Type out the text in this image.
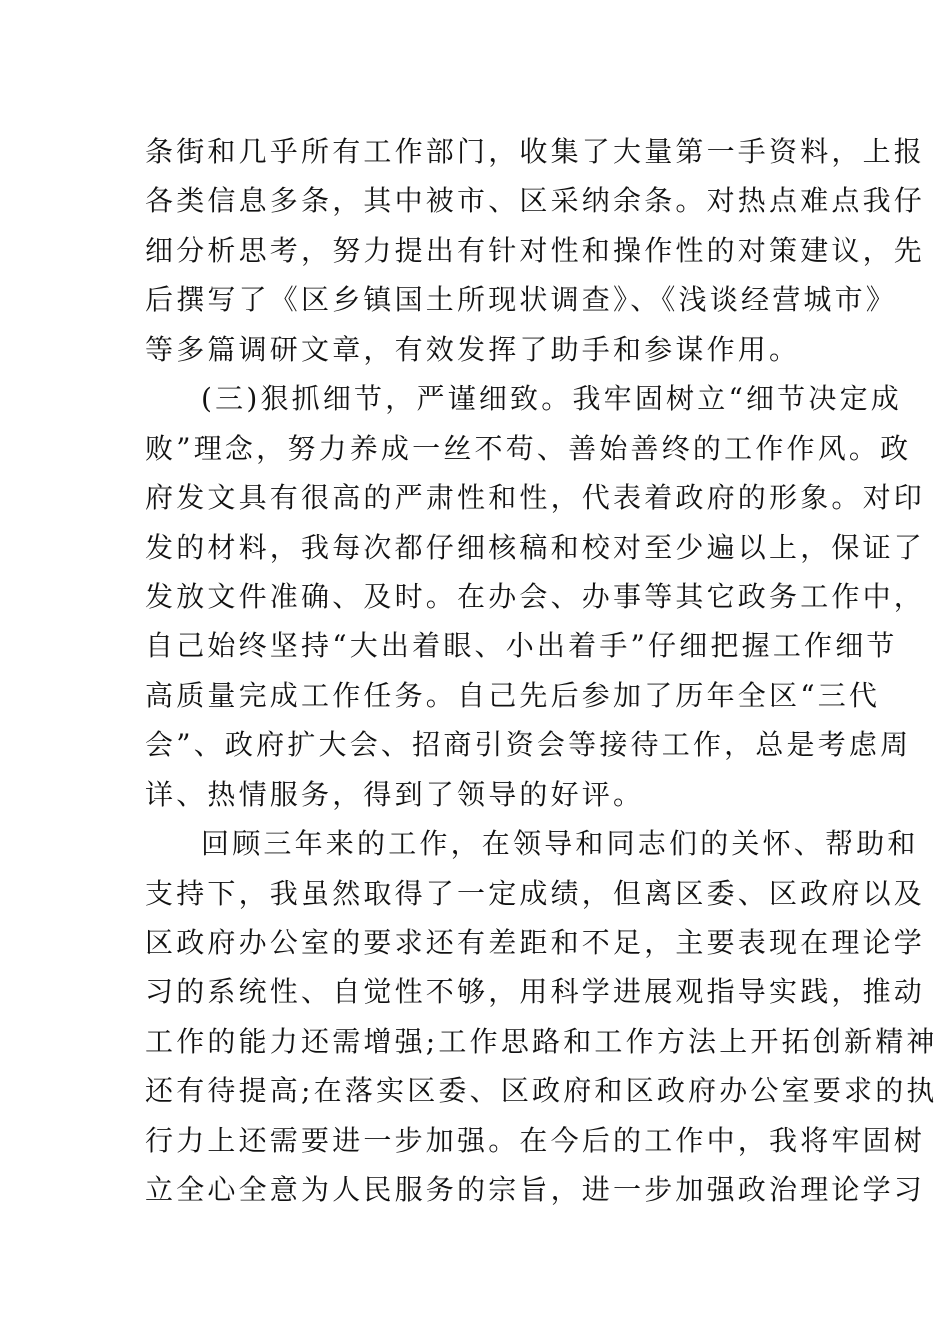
条街和几乎所有工作部门，收集了大量第一手资料，上报
各类信息多条，其中被市、区采纳余条。对热点难点我仔
细分析思考，努力提出有针对性和操作性的对策建议，先
后撰写了《区乡镇国土所现状调查》、《浅谈经营城市》
等多篇调研文章，有效发挥了助手和参谋作用。
(三)狠抓细节，严谨细致。我牢固树立“细节决定成
败”理念，努力养成一丝不苟、善始善终的工作作风。政
府发文具有很高的严肃性和性，代表着政府的形象。对印
发的材料，我每次都仔细核稿和校对至少遍以上，保证了
发放文件准确、及时。在办会、办事等其它政务工作中，
自己始终坚持“大出着眼、小出着手”仔细把握工作细节
高质量完成工作任务。自己先后参加了历年全区“三代
会”、政府扩大会、招商引资会等接待工作，总是考虑周
详、热情服务，得到了领导的好评。
回顾三年来的工作，在领导和同志们的关怀、帮助和
支持下，我虽然取得了一定成绩，但离区委、区政府以及
区政府办公室的要求还有差距和不足，主要表现在理论学
习的系统性、自觉性不够，用科学进展观指导实践，推动
工作的能力还需增强;工作思路和工作方法上开拓创新精神
还有待提高;在落实区委、区政府和区政府办公室要求的执
行力上还需要进一步加强。在今后的工作中，我将牢固树
立全心全意为人民服务的宗旨，进一步加强政治理论学习
